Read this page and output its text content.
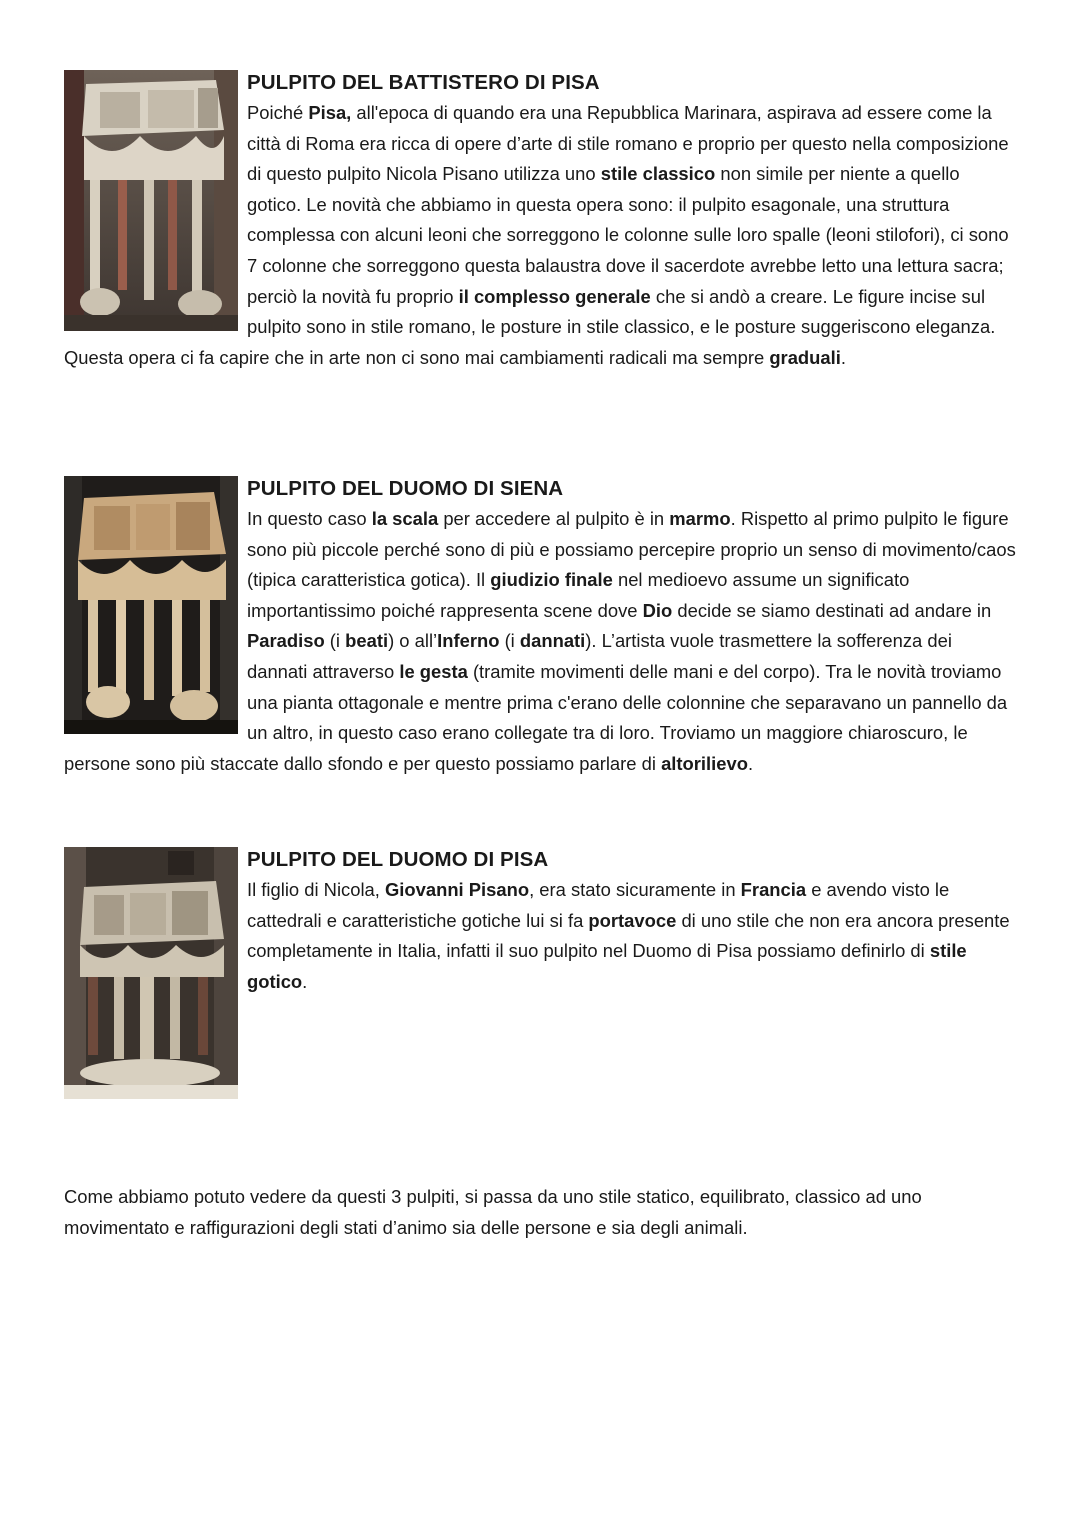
PULPITO DEL BATTISTERO DI PISA

Poiché Pisa, all'epoca di quando era una Repubblica Marinara, aspirava ad essere come la città di Roma era ricca di opere d’arte di stile romano e proprio per questo nella composizione di questo pulpito Nicola Pisano utilizza uno stile classico non simile per niente a quello gotico. Le novità che abbiamo in questa opera sono: il pulpito esagonale, una struttura complessa con alcuni leoni che sorreggono le colonne sulle loro spalle (leoni stilofori), ci sono 7 colonne che sorreggono questa balaustra dove il sacerdote avrebbe letto una lettura sacra; perciò la novità fu proprio il complesso generale che si andò a creare. Le figure incise sul pulpito sono in stile romano, le posture in stile classico, e le posture suggeriscono eleganza. Questa opera ci fa capire che in arte non ci sono mai cambiamenti radicali ma sempre graduali.

PULPITO DEL DUOMO DI SIENA

In questo caso la scala per accedere al pulpito è in marmo. Rispetto al primo pulpito le figure sono più piccole perché sono di più e possiamo percepire proprio un senso di movimento/caos (tipica caratteristica gotica). Il giudizio finale nel medioevo assume un significato importantissimo poiché rappresenta scene dove Dio decide se siamo destinati ad andare in Paradiso (i beati) o all’Inferno (i dannati). L’artista vuole trasmettere la sofferenza dei dannati attraverso le gesta (tramite movimenti delle mani e del corpo). Tra le novità troviamo una pianta ottagonale e mentre prima c'erano delle colonnine che separavano un pannello da un altro, in questo caso erano collegate tra di loro. Troviamo un maggiore chiaroscuro, le persone sono più staccate dallo sfondo e per questo possiamo parlare di altorilievo.

PULPITO DEL DUOMO DI PISA

Il figlio di Nicola, Giovanni Pisano, era stato sicuramente in Francia e avendo visto le cattedrali e caratteristiche gotiche lui si fa portavoce di uno stile che non era ancora presente completamente in Italia, infatti il suo pulpito nel Duomo di Pisa possiamo definirlo di stile gotico.

Come abbiamo potuto vedere da questi 3 pulpiti, si passa da uno stile statico, equilibrato, classico ad uno movimentato e raffigurazioni degli stati d’animo sia delle persone e sia degli animali.
